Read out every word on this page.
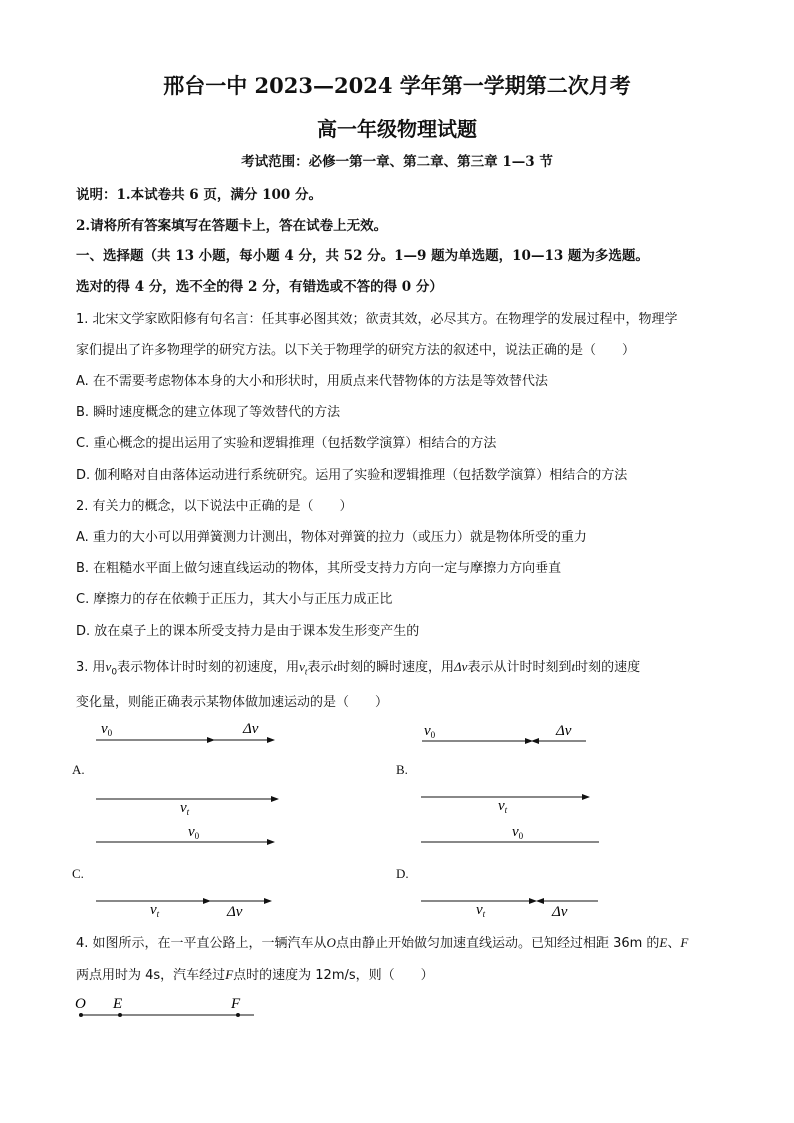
邢台一中 2023—2024 学年第一学期第二次月考
高一年级物理试题
考试范围：必修一第一章、第二章、第三章 1—3 节
说明：1.本试卷共 6 页，满分 100 分。
2.请将所有答案填写在答题卡上，答在试卷上无效。
一、选择题（共 13 小题，每小题 4 分，共 52 分。1—9 题为单选题，10—13 题为多选题。
选对的得 4 分，选不全的得 2 分，有错选或不答的得 0 分）
1. 北宋文学家欧阳修有句名言：任其事必图其效；欲责其效，必尽其方。在物理学的发展过程中，物理学
家们提出了许多物理学的研究方法。以下关于物理学的研究方法的叙述中，说法正确的是（　　）
A. 在不需要考虑物体本身的大小和形状时，用质点来代替物体的方法是等效替代法
B. 瞬时速度概念的建立体现了等效替代的方法
C. 重心概念的提出运用了实验和逻辑推理（包括数学演算）相结合的方法
D. 伽利略对自由落体运动进行系统研究。运用了实验和逻辑推理（包括数学演算）相结合的方法
2. 有关力的概念，以下说法中正确的是（　　）
A. 重力的大小可以用弹簧测力计测出，物体对弹簧的拉力（或压力）就是物体所受的重力
B. 在粗糙水平面上做匀速直线运动的物体，其所受支持力方向一定与摩擦力方向垂直
C. 摩擦力的存在依赖于正压力，其大小与正压力成正比
D. 放在桌子上的课本所受支持力是由于课本发生形变产生的
3. 用$v_0$表示物体计时时刻的初速度，用$v_t$表示t时刻的瞬时速度，用Δv表示从计时时刻到t时刻的速度
变化量，则能正确表示某物体做加速运动的是（　　）
A.	B.
C.	D.
$v_0$	Δv
$v_t$
$v_0$	Δv
$v_t$
$v_0$
$v_t$	Δv
$v_0$
$v_t$	Δv
O E	F
4. 如图所示，在一平直公路上，一辆汽车从O点由静止开始做匀加速直线运动。已知经过相距 36m 的E、F
两点用时为 4s，汽车经过F点时的速度为 12m/s，则（　　）
